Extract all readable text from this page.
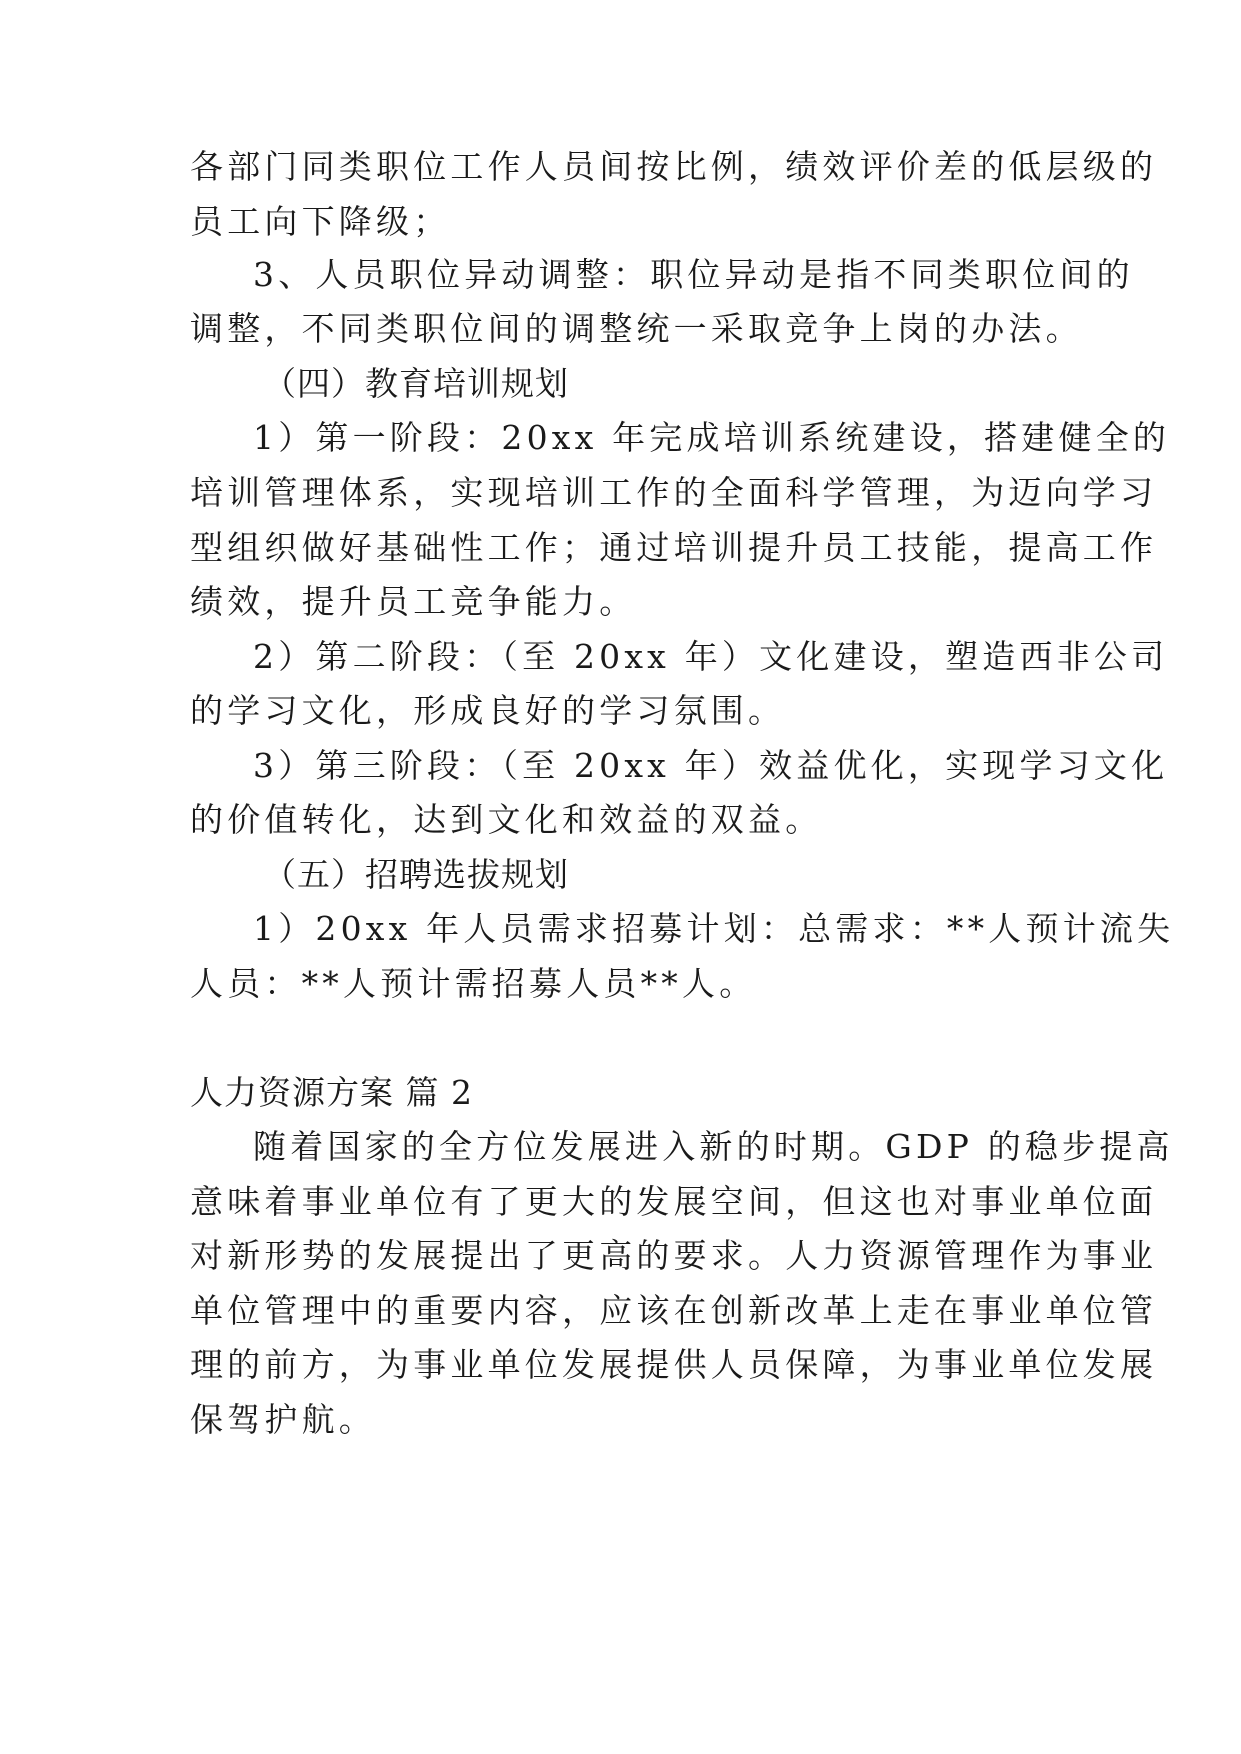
各部门同类职位工作人员间按比例，绩效评价差的低层级的
员工向下降级；
3、人员职位异动调整：职位异动是指不同类职位间的
调整，不同类职位间的调整统一采取竞争上岗的办法。
（四）教育培训规划
1）第一阶段：20xx 年完成培训系统建设，搭建健全的
培训管理体系，实现培训工作的全面科学管理，为迈向学习
型组织做好基础性工作；通过培训提升员工技能，提高工作
绩效，提升员工竞争能力。
2）第二阶段：（至 20xx 年）文化建设，塑造西非公司
的学习文化，形成良好的学习氛围。
3）第三阶段：（至 20xx 年）效益优化，实现学习文化
的价值转化，达到文化和效益的双益。
（五）招聘选拔规划
1）20xx 年人员需求招募计划：总需求：**人预计流失
人员：**人预计需招募人员**人。
人力资源方案 篇 2
随着国家的全方位发展进入新的时期。GDP 的稳步提高
意味着事业单位有了更大的发展空间，但这也对事业单位面
对新形势的发展提出了更高的要求。人力资源管理作为事业
单位管理中的重要内容，应该在创新改革上走在事业单位管
理的前方，为事业单位发展提供人员保障，为事业单位发展
保驾护航。
